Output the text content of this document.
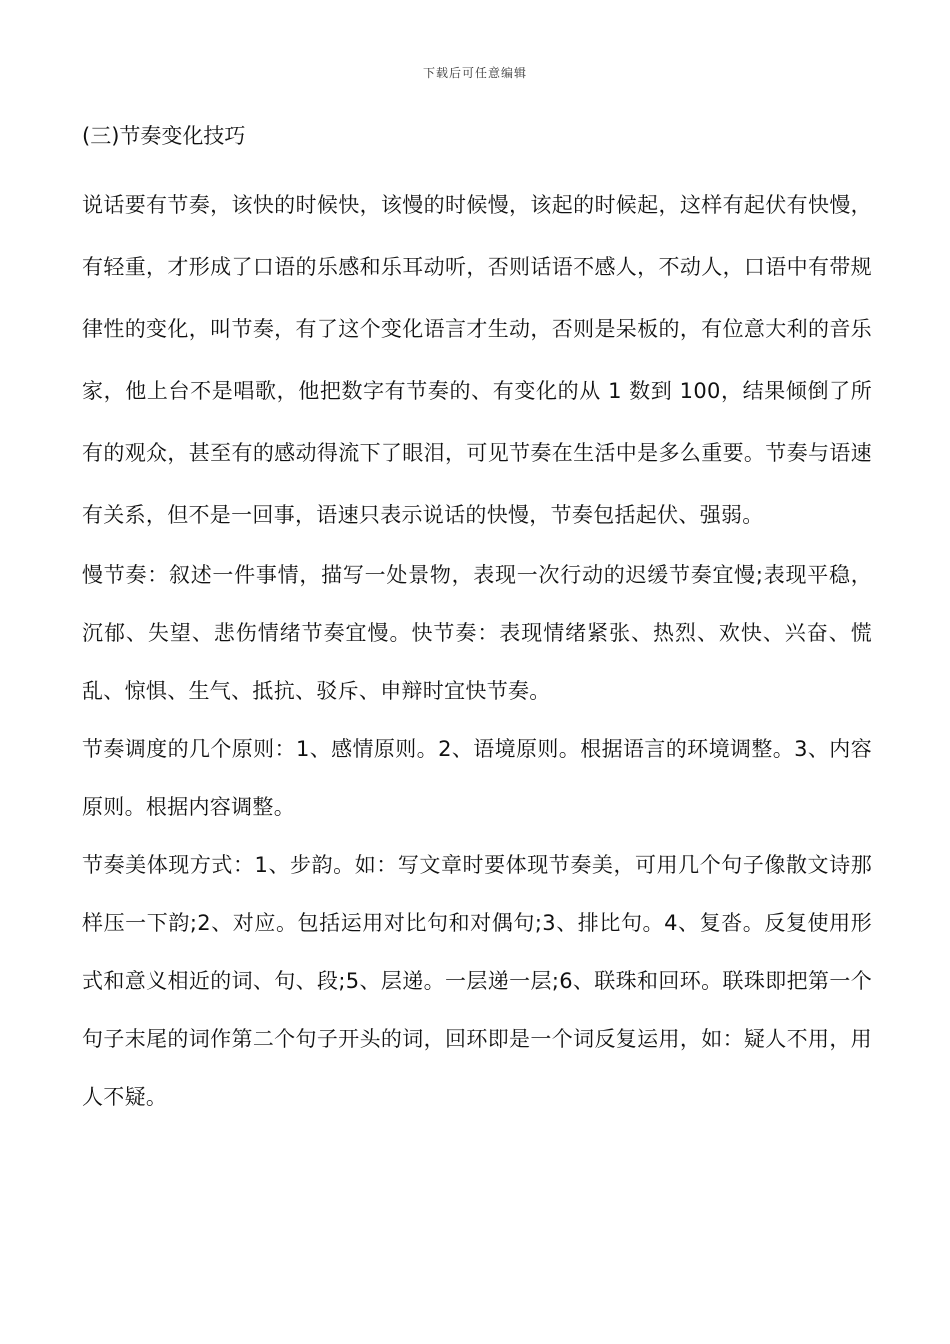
下载后可任意编辑
(三)节奏变化技巧

说话要有节奏，该快的时候快，该慢的时候慢，该起的时候起，这样有起伏有快慢，有轻重，才形成了口语的乐感和乐耳动听，否则话语不感人，不动人，口语中有带规律性的变化，叫节奏，有了这个变化语言才生动，否则是呆板的，有位意大利的音乐家，他上台不是唱歌，他把数字有节奏的、有变化的从 1 数到 100，结果倾倒了所有的观众，甚至有的感动得流下了眼泪，可见节奏在生活中是多么重要。节奏与语速有关系，但不是一回事，语速只表示说话的快慢，节奏包括起伏、强弱。

慢节奏：叙述一件事情，描写一处景物，表现一次行动的迟缓节奏宜慢;表现平稳，沉郁、失望、悲伤情绪节奏宜慢。快节奏：表现情绪紧张、热烈、欢快、兴奋、慌乱、惊惧、生气、抵抗、驳斥、申辩时宜快节奏。

节奏调度的几个原则：1、感情原则。2、语境原则。根据语言的环境调整。3、内容原则。根据内容调整。

节奏美体现方式：1、步韵。如：写文章时要体现节奏美，可用几个句子像散文诗那样压一下韵;2、对应。包括运用对比句和对偶句;3、排比句。4、复沓。反复使用形式和意义相近的词、句、段;5、层递。一层递一层;6、联珠和回环。联珠即把第一个句子末尾的词作第二个句子开头的词，回环即是一个词反复运用，如：疑人不用，用人不疑。
